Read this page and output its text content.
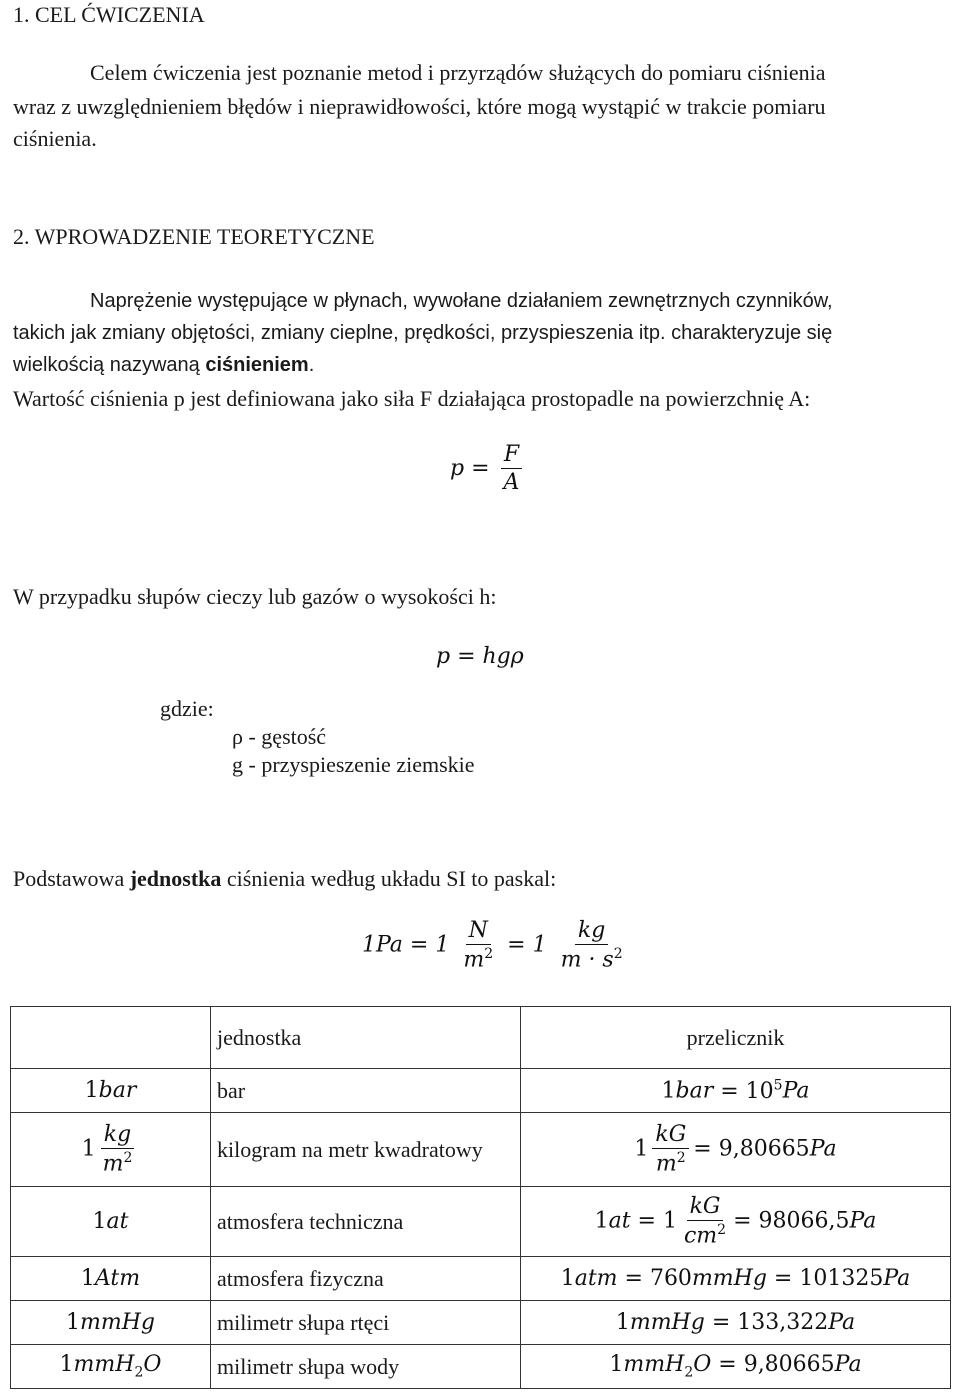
1. CEL ĆWICZENIA
Celem ćwiczenia jest poznanie metod i przyrządów służących do pomiaru ciśnienia
wraz z uwzględnieniem błędów i nieprawidłowości, które mogą wystąpić w trakcie pomiaru
ciśnienia.
2. WPROWADZENIE TEORETYCZNE
Naprężenie występujące w płynach, wywołane działaniem zewnętrznych czynników,
takich jak zmiany objętości, zmiany cieplne, prędkości, przyspieszenia itp. charakteryzuje się
wielkością nazywaną ciśnieniem.
Wartość ciśnienia p jest definiowana jako siła F działająca prostopadle na powierzchnię A:
$p = \frac{F}{A}$
W przypadku słupów cieczy lub gazów o wysokości h:
p = hgρ
gdzie:
ρ - gęstość
g - przyspieszenie ziemskie
Podstawowa jednostka ciśnienia według układu SI to paskal:
$1Pa = 1 \frac{N}{m^2} = 1 \frac{kg}{m \cdot s^2}$
	jednostka	przelicznik
1bar	bar	$1bar = 10^5Pa$
$1 \frac{kg}{m^2}$	kilogram na metr kwadratowy	$1 \frac{kG}{m^2} = 9,80665Pa$
1at	atmosfera techniczna	$1at = 1 \frac{kG}{cm^2} = 98066,5Pa$
1Atm	atmosfera fizyczna	1atm = 760mmHg = 101325Pa
1mmHg	milimetr słupa rtęci	1mmHg = 133,322Pa
1mmH$_2$O	milimetr słupa wody	1mmH$_2$O = 9,80665Pa
